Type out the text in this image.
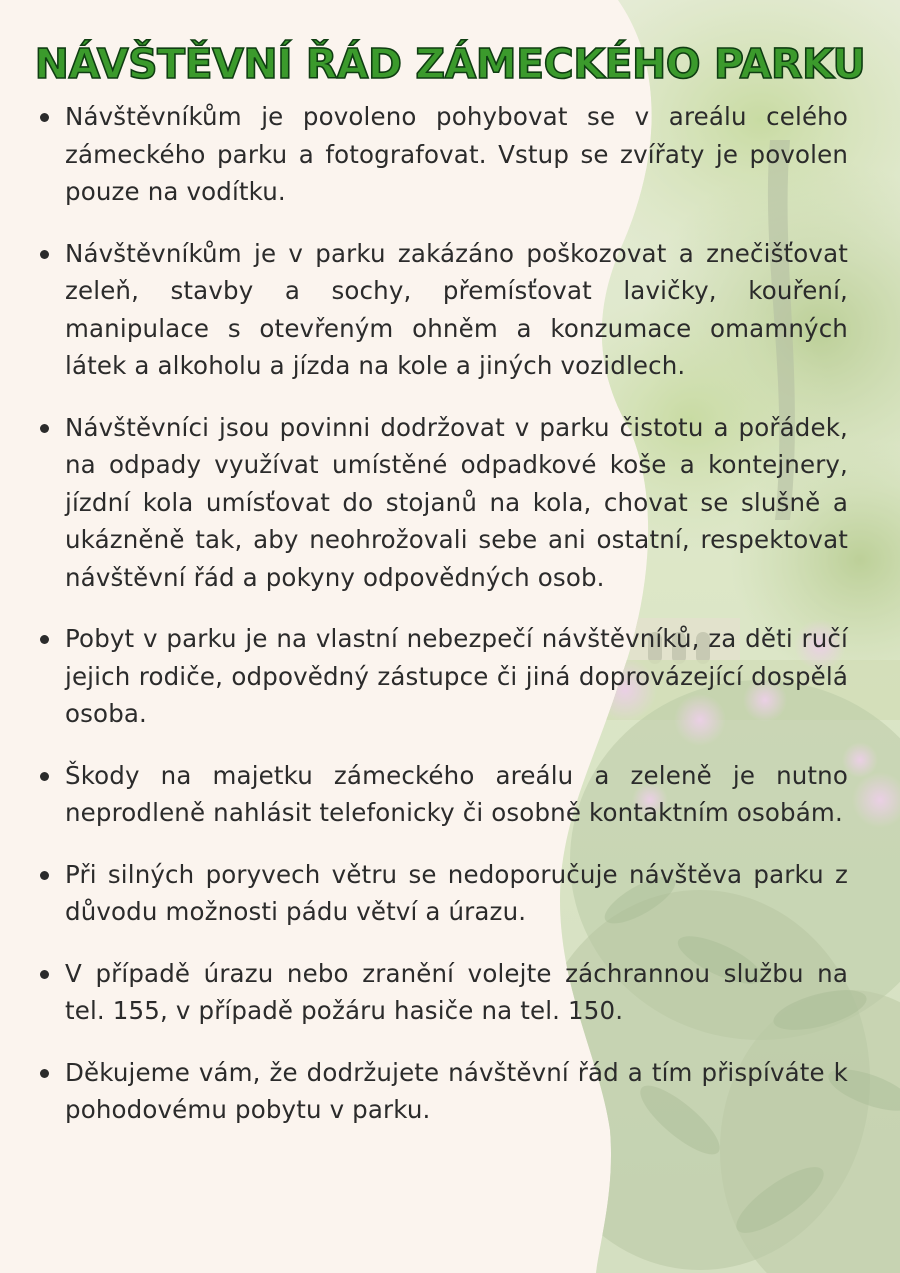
NÁVŠTĚVNÍ ŘÁD ZÁMECKÉHO PARKU
Návštěvníkům je povoleno pohybovat se v areálu celého zámeckého parku a fotografovat. Vstup se zvířaty je povolen pouze na vodítku.
Návštěvníkům je v parku zakázáno poškozovat a znečišťovat zeleň, stavby a sochy, přemísťovat lavičky, kouření, manipulace s otevřeným ohněm a konzumace omamných látek a alkoholu a jízda na kole a jiných vozidlech.
Návštěvníci jsou povinni dodržovat v parku čistotu a pořádek, na odpady využívat umístěné odpadkové koše a kontejnery, jízdní kola umísťovat do stojanů na kola, chovat se slušně a ukázněně tak, aby neohrožovali sebe ani ostatní, respektovat návštěvní řád a pokyny odpovědných osob.
Pobyt v parku je na vlastní nebezpečí návštěvníků, za děti ručí jejich rodiče, odpovědný zástupce či jiná doprovázející dospělá osoba.
Škody na majetku zámeckého areálu a zeleně je nutno neprodleně nahlásit telefonicky či osobně kontaktním osobám.
Při silných poryvech větru se nedoporučuje návštěva parku z důvodu možnosti pádu větví a úrazu.
V případě úrazu nebo zranění volejte záchrannou službu na tel. 155, v případě požáru hasiče na tel. 150.
Děkujeme vám, že dodržujete návštěvní řád a tím přispíváte k pohodovému pobytu v parku.
